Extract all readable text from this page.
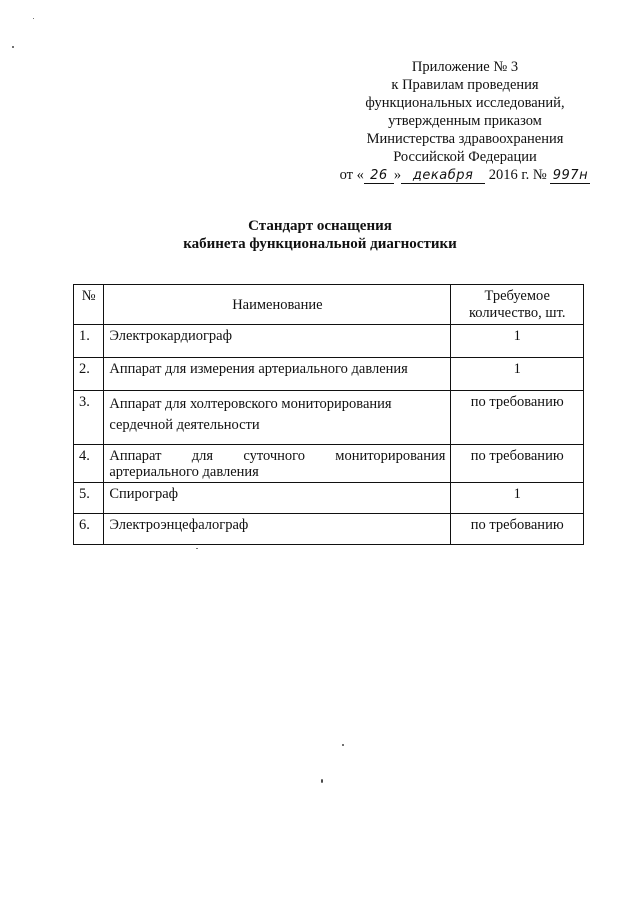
Приложение № 3
к Правилам проведения
функциональных исследований,
утвержденным приказом
Министерства здравоохранения
Российской Федерации
от « 26 » декабря 2016 г. № 997н
Стандарт оснащения
кабинета функциональной диагностики
№	Наименование	Требуемое количество, шт.
1.	Электрокардиограф	1
2.	Аппарат для измерения артериального давления	1
3.	Аппарат для холтеровского мониторирования сердечной деятельности	по требованию
4.	Аппарат для суточного мониторирования артериального давления	по требованию
5.	Спирограф	1
6.	Электроэнцефалограф	по требованию
